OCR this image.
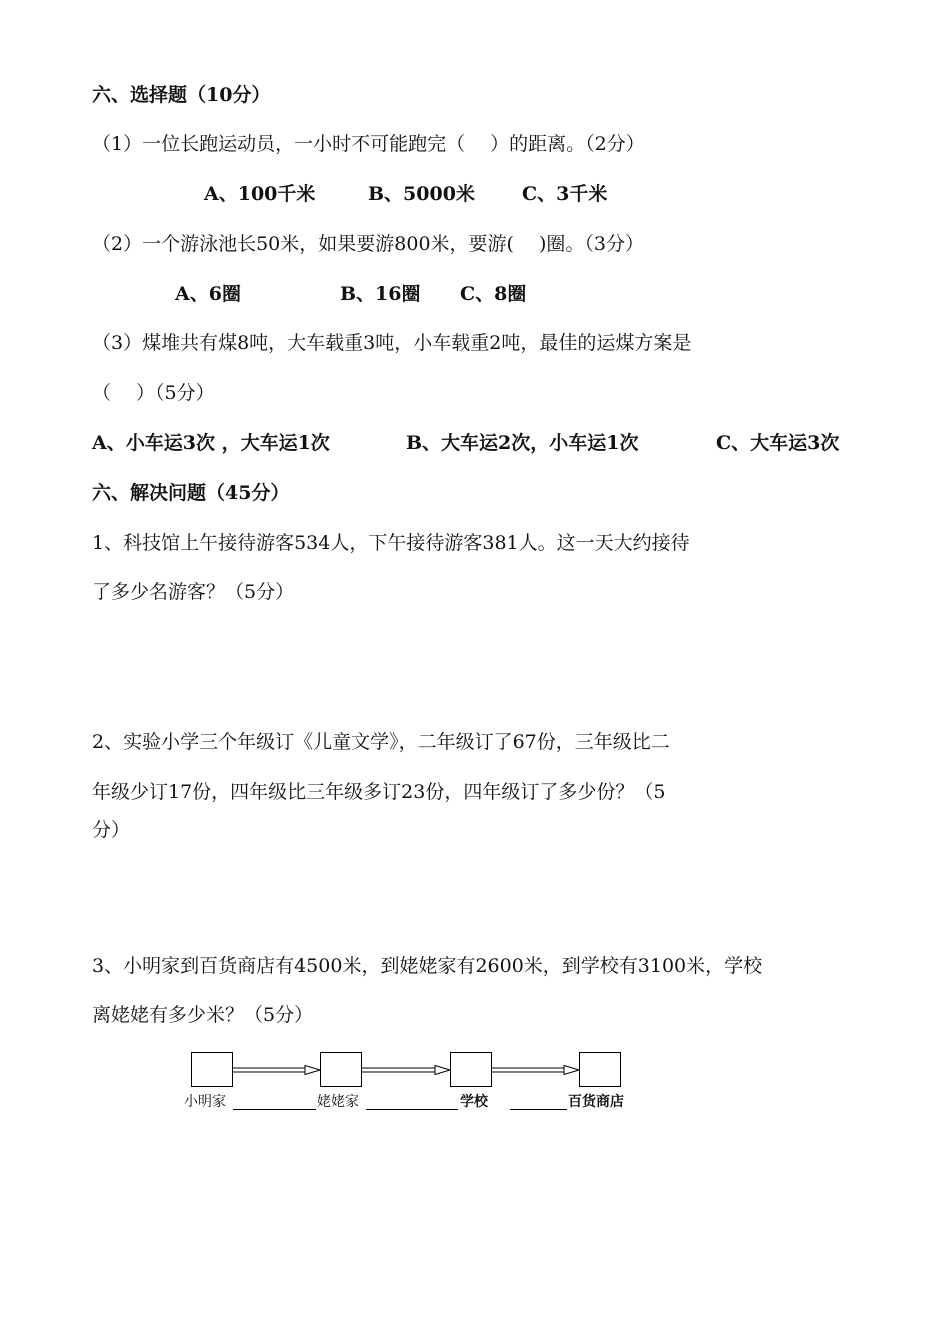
六、选择题（10分）
（1）一位长跑运动员，一小时不可能跑完（　 ）的距离。（2分）
A、100千米	B、5000米 C、3千米
（2）一个游泳池长50米，如果要游800米，要游(　 )圈。（3分）
A、6圈	B、16圈 C、8圈
（3）煤堆共有煤8吨，大车载重3吨，小车载重2吨，最佳的运煤方案是
（　 ）（5分）
A、小车运3次 ，大车运1次	B、大车运2次，小车运1次	C、大车运3次
六、解决问题（45分）
1、科技馆上午接待游客534人，下午接待游客381人。这一天大约接待
了多少名游客？（5分）
2、实验小学三个年级订《儿童文学》，二年级订了67份，三年级比二
年级少订17份，四年级比三年级多订23份，四年级订了多少份？（5
分）
3、小明家到百货商店有4500米，到姥姥家有2600米，到学校有3100米，学校
离姥姥有多少米？（5分）
小明家	姥姥家	学校	百货商店
